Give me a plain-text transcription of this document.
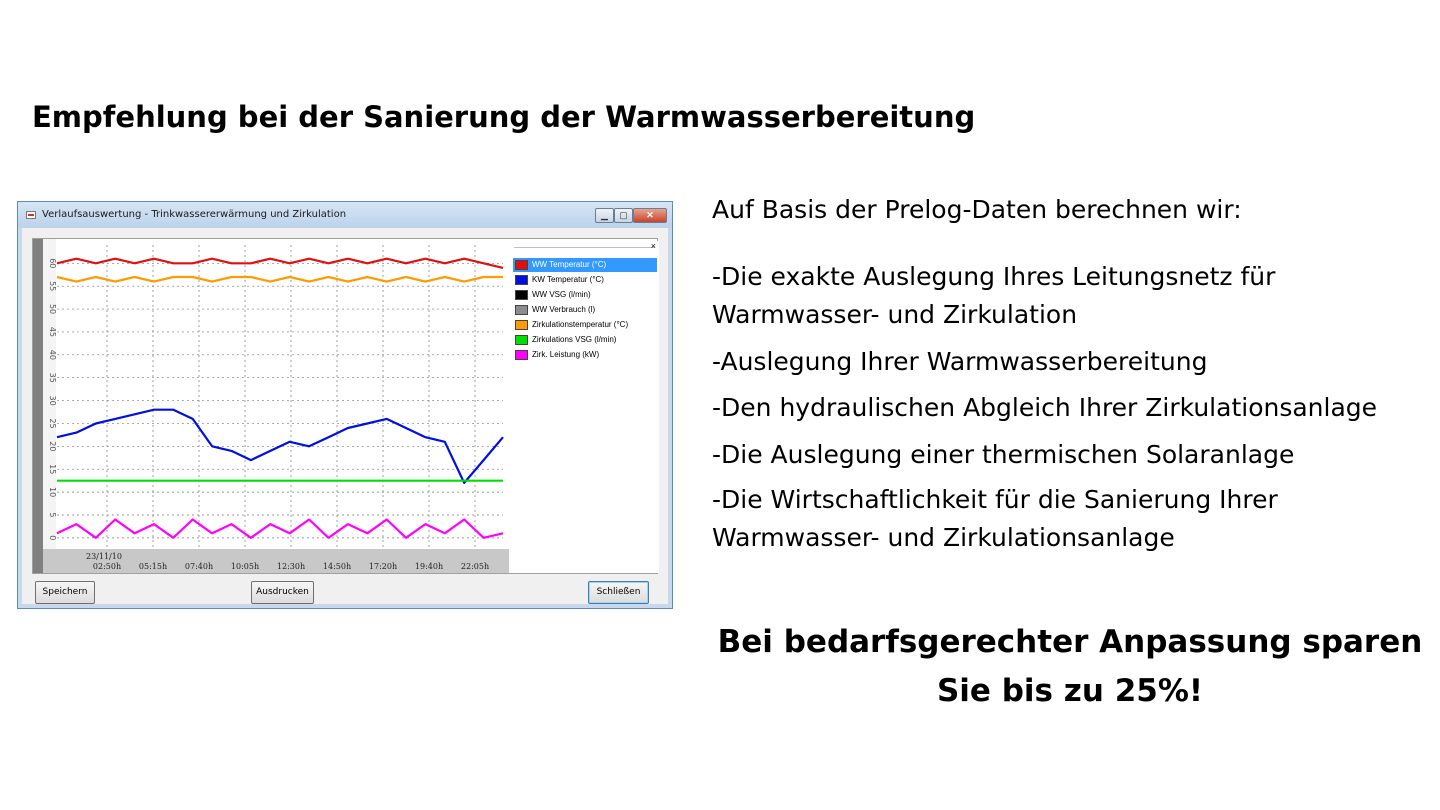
Empfehlung bei der Sanierung der Warmwasserbereitung
Verlaufsauswertung - Trinkwassererwärmung und Zirkulation	▁	▢	✕
0
5
10
15
20
25
30
35
40
45
50
55
60
23/11/10
02:50h 05:15h 07:40h 10:05h 12:30h 14:50h 17:20h 19:40h 22:05h
×
WW Temperatur (°C)
KW Temperatur (°C)
WW VSG (l/min)
WW Verbrauch (l)
Zirkulationstemperatur (°C)
Zirkulations VSG (l/min)
Zirk. Leistung (kW)
Speichern	Ausdrucken	Schließen
Auf Basis der Prelog-Daten berechnen wir:
-Die exakte Auslegung Ihres Leitungsnetz für Warmwasser- und Zirkulation
-Auslegung Ihrer Warmwasserbereitung
-Den hydraulischen Abgleich Ihrer Zirkulationsanlage
-Die Auslegung einer thermischen Solaranlage
-Die Wirtschaftlichkeit für die Sanierung Ihrer Warmwasser- und Zirkulationsanlage
Bei bedarfsgerechter Anpassung sparen
Sie bis zu 25%!
